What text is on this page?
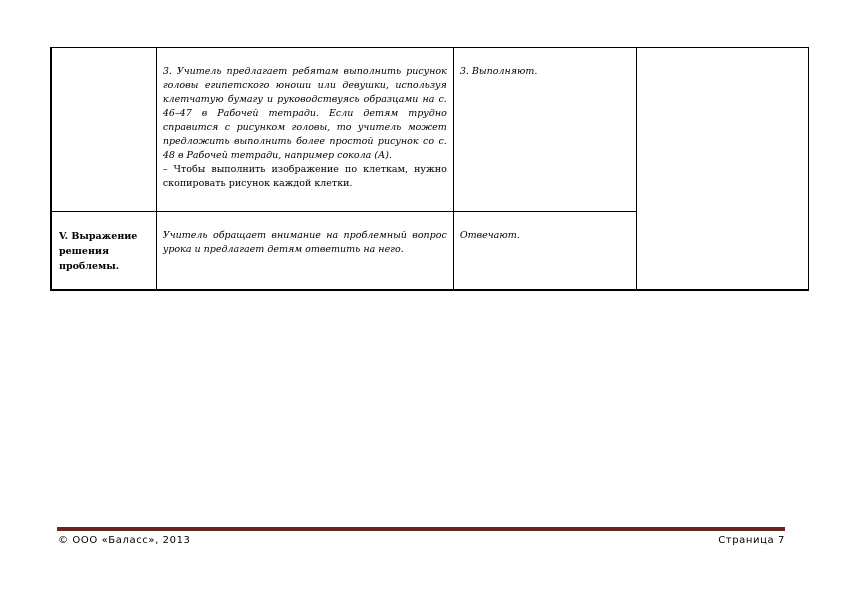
	3. Учитель предлагает ребятам выполнить рисунок головы египетского юноши или девушки, используя клетчатую бумагу и руководствуясь образцами на с. 46–47 в Рабочей тетради. Если детям трудно справится с рисунком головы, то учитель может предложить выполнить более простой рисунок со с. 48 в Рабочей тетради, например сокола (А).

– Чтобы выполнить изображение по клеткам, нужно скопировать рисунок каждой клетки.	3. Выполняют.	

V. Выражение решения проблемы.	Учитель обращает внимание на проблемный вопрос урока и предлагает детям ответить на него.	Отвечают.	
© ООО «Баласс», 2013	Страница 7
